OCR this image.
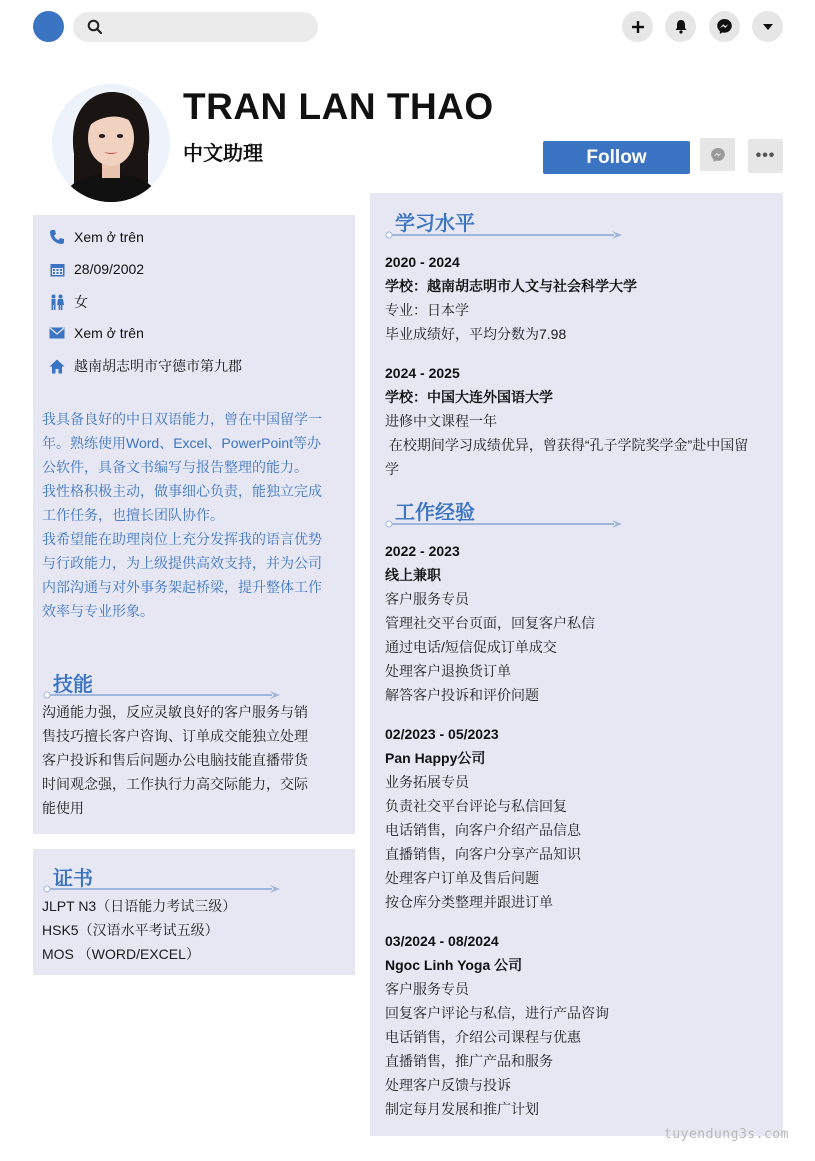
TRAN LAN THAO
中文助理	Follow	•••
Xem ở trên
28/09/2002
女
Xem ở trên
越南胡志明市守德市第九郡

我具备良好的中日双语能力，曾在中国留学一年。熟练使用Word、Excel、PowerPoint等办公软件，具备文书编写与报告整理的能力。

我性格积极主动，做事细心负责，能独立完成工作任务，也擅长团队协作。

我希望能在助理岗位上充分发挥我的语言优势与行政能力，为上级提供高效支持，并为公司内部沟通与对外事务架起桥梁，提升整体工作效率与专业形象。

技能
沟通能力强，反应灵敏良好的客户服务与销
售技巧擅长客户咨询、订单成交能独立处理
客户投诉和售后问题办公电脑技能直播带货
时间观念强，工作执行力高交际能力，交际
能使用
证书
JLPT N3（日语能力考试三级）
HSK5（汉语水平考试五级）
MOS （WORD/EXCEL）
学习水平
2020 - 2024
学校：越南胡志明市人文与社会科学大学
专业：日本学
毕业成绩好，平均分数为7.98
2024 - 2025
学校：中国大连外国语大学
进修中文课程一年
在校期间学习成绩优异，曾获得“孔子学院奖学金”赴中国留
学
工作经验
2022 - 2023
线上兼职
客户服务专员
管理社交平台页面，回复客户私信
通过电话/短信促成订单成交
处理客户退换货订单
解答客户投诉和评价问题
02/2023 - 05/2023
Pan Happy公司
业务拓展专员
负责社交平台评论与私信回复
电话销售，向客户介绍产品信息
直播销售，向客户分享产品知识
处理客户订单及售后问题
按仓库分类整理并跟进订单
03/2024 - 08/2024
Ngoc Linh Yoga 公司
客户服务专员
回复客户评论与私信，进行产品咨询
电话销售，介绍公司课程与优惠
直播销售，推广产品和服务
处理客户反馈与投诉
制定每月发展和推广计划
tuyendung3s.com
